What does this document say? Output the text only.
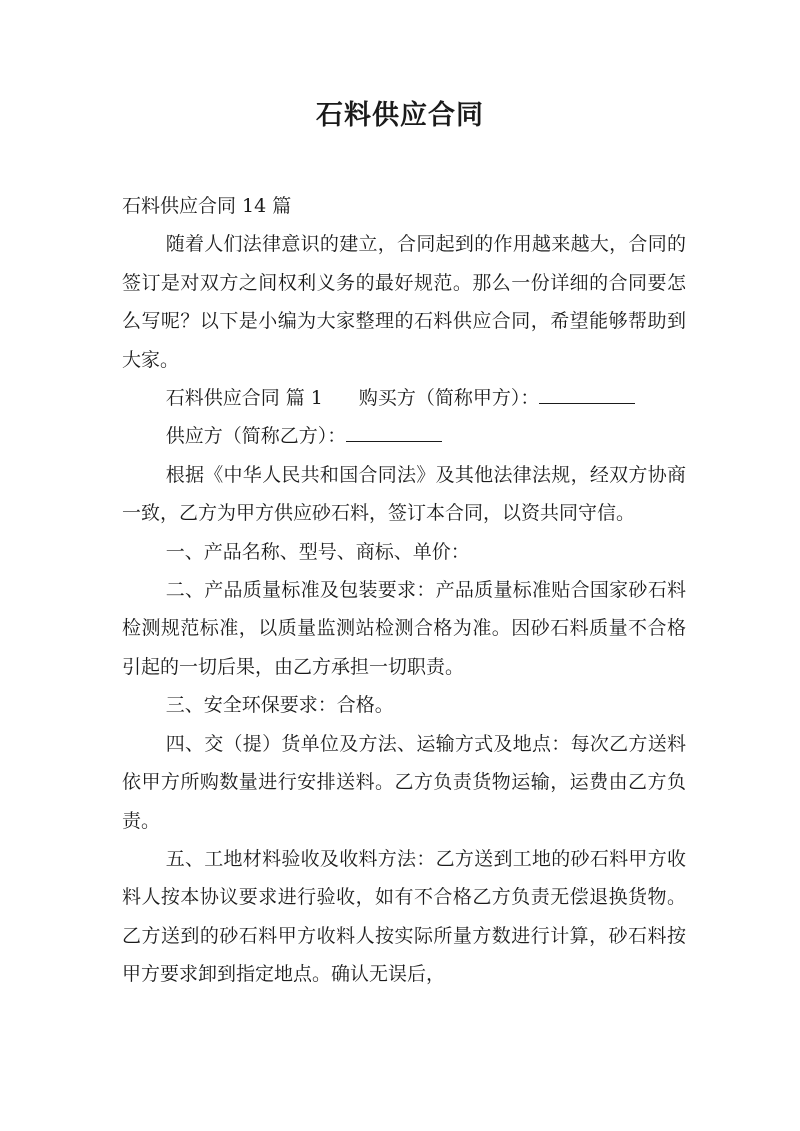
石料供应合同

石料供应合同 14 篇

随着人们法律意识的建立，合同起到的作用越来越大，合同的签订是对双方之间权利义务的最好规范。那么一份详细的合同要怎么写呢？以下是小编为大家整理的石料供应合同，希望能够帮助到大家。

石料供应合同 篇 1 购买方（简称甲方）：

供应方（简称乙方）：

根据《中华人民共和国合同法》及其他法律法规，经双方协商一致，乙方为甲方供应砂石料，签订本合同，以资共同守信。

一、产品名称、型号、商标、单价：

二、产品质量标准及包装要求：产品质量标准贴合国家砂石料检测规范标准，以质量监测站检测合格为准。因砂石料质量不合格引起的一切后果，由乙方承担一切职责。

三、安全环保要求：合格。

四、交（提）货单位及方法、运输方式及地点：每次乙方送料依甲方所购数量进行安排送料。乙方负责货物运输，运费由乙方负责。

五、工地材料验收及收料方法：乙方送到工地的砂石料甲方收料人按本协议要求进行验收，如有不合格乙方负责无偿退换货物。乙方送到的砂石料甲方收料人按实际所量方数进行计算，砂石料按甲方要求卸到指定地点。确认无误后，
